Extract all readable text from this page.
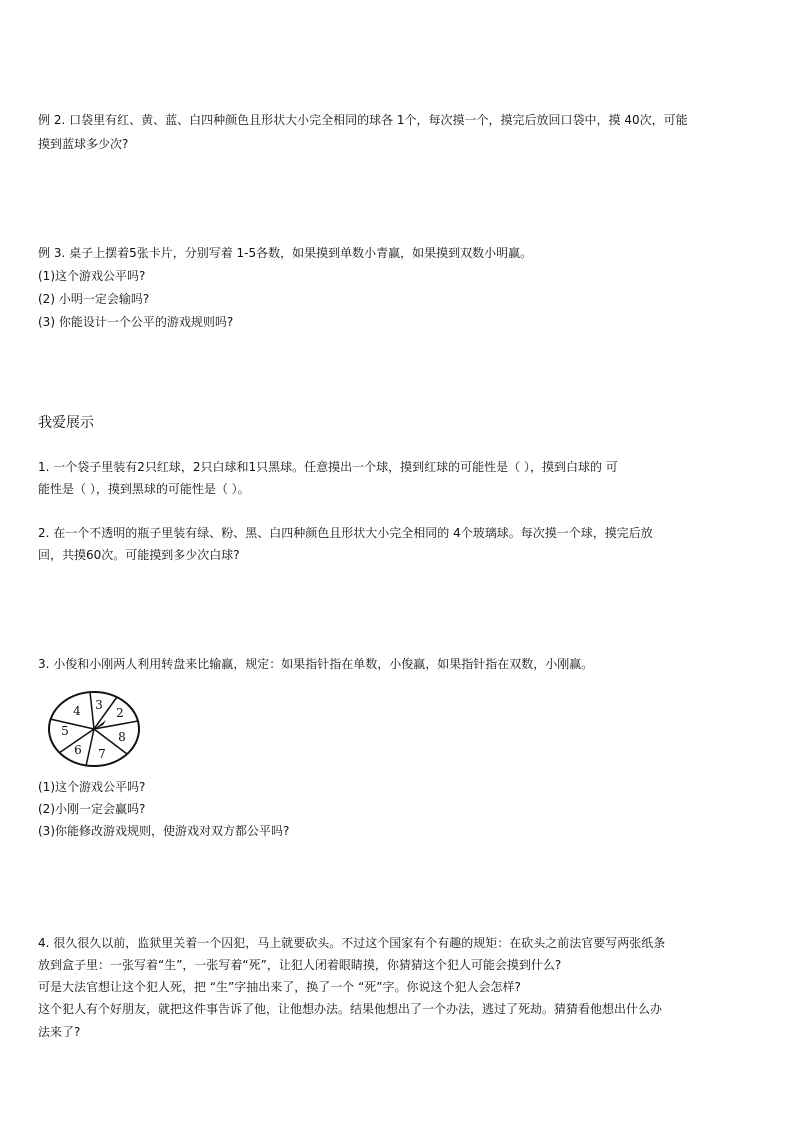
例 2. 口袋里有红、黄、蓝、白四种颜色且形状大小完全相同的球各 1个，每次摸一个，摸完后放回口袋中，摸 40次，可能
摸到蓝球多少次?
例 3. 桌子上摆着5张卡片，分别写着 1-5各数，如果摸到单数小青赢，如果摸到双数小明赢。
(1)这个游戏公平吗?
(2) 小明一定会输吗?
(3) 你能设计一个公平的游戏规则吗?
我爱展示
1. 一个袋子里装有2只红球，2只白球和1只黑球。任意摸出一个球，摸到红球的可能性是（ ），摸到白球的 可
能性是（ ），摸到黑球的可能性是（ ）。
2. 在一个不透明的瓶子里装有绿、粉、黑、白四种颜色且形状大小完全相同的 4个玻璃球。每次摸一个球，摸完后放
回，共摸60次。可能摸到多少次白球?
3. 小俊和小刚两人利用转盘来比输赢，规定：如果指针指在单数，小俊赢，如果指针指在双数，小刚赢。
3
2
8
7
6
5
4
(1)这个游戏公平吗?
(2)小刚一定会赢吗?
(3)你能修改游戏规则，使游戏对双方都公平吗?
4. 很久很久以前，监狱里关着一个囚犯，马上就要砍头。不过这个国家有个有趣的规矩：在砍头之前法官要写两张纸条
放到盒子里：一张写着“生”，一张写着“死”，让犯人闭着眼睛摸，你猜猜这个犯人可能会摸到什么?
可是大法官想让这个犯人死，把 “生”字抽出来了，换了一个 “死”字。你说这个犯人会怎样?
这个犯人有个好朋友，就把这件事告诉了他，让他想办法。结果他想出了一个办法，逃过了死劫。猜猜看他想出什么办
法来了?
